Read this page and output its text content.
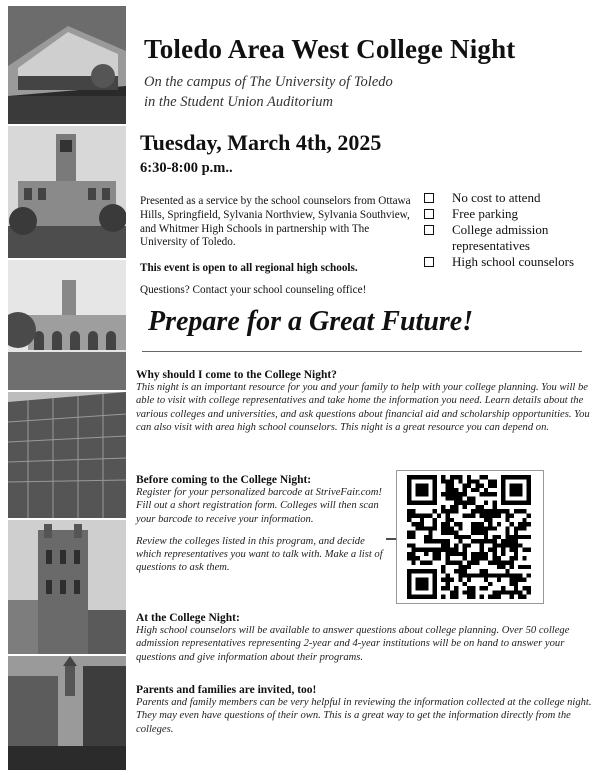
Toledo Area West College Night
On the campus of The University of Toledo
in the Student Union Auditorium
Tuesday, March 4th, 2025
6:30-8:00 p.m..
Presented as a service by the school counselors from Ottawa Hills, Springfield, Sylvania Northview, Sylvania Southview, and Whitmer High Schools in partnership with The University of Toledo.
This event is open to all regional high schools.
Questions? Contact your school counseling office!
No cost to attend
Free parking
College admission representatives
High school counselors
Prepare for a Great Future!
Why should I come to the College Night?

This night is an important resource for you and your family to help with your college planning. You will be able to visit with college representatives and take home the information you need. Learn details about the various colleges and universities, and ask questions about financial aid and scholarship opportunities. You can also visit with area high school counselors. This night is a great resource you can depend on.

Before coming to the College Night:

Register for your personalized barcode at StriveFair.com! Fill out a short registration form. Colleges will then scan your barcode to receive your information.

Review the colleges listed in this program, and decide which representatives you want to talk with. Make a list of questions to ask them.

At the College Night:

High school counselors will be available to answer questions about college planning. Over 50 college admission representatives representing 2-year and 4-year institutions will be on hand to answer your questions and give information about their programs.

Parents and families are invited, too!

Parents and family members can be very helpful in reviewing the information collected at the college night. They may even have questions of their own. This is a great way to get the information directly from the colleges.
